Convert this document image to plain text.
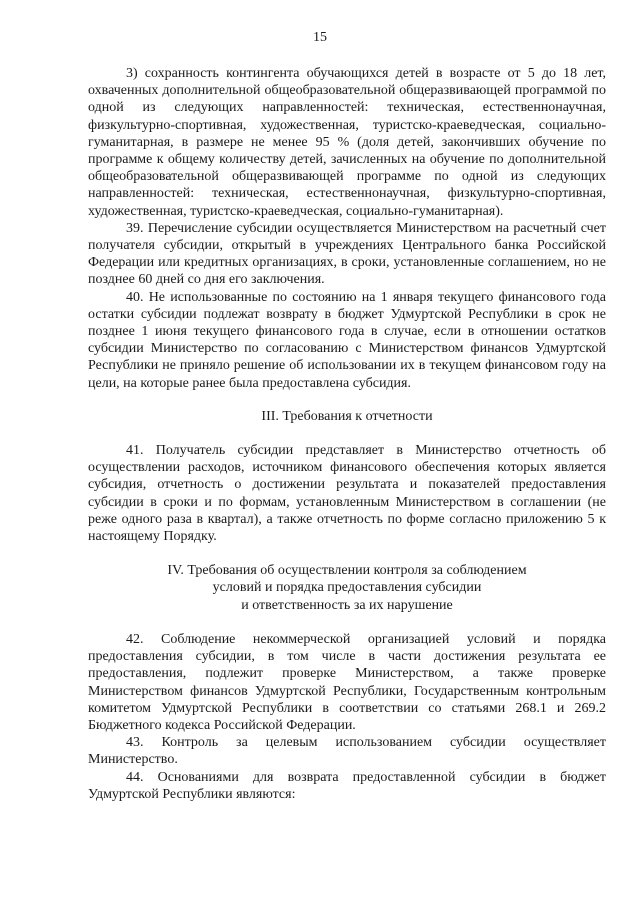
15

3) сохранность контингента обучающихся детей в возрасте от 5 до 18 лет, охваченных дополнительной общеобразовательной общеразвивающей программой по одной из следующих направленностей: техническая, естественнонаучная, физкультурно-спортивная, художественная, туристско-краеведческая, социально-гуманитарная, в размере не менее 95 % (доля детей, закончивших обучение по программе к общему количеству детей, зачисленных на обучение по дополнительной общеобразовательной общеразвивающей программе по одной из следующих направленностей: техническая, естественнонаучная, физкультурно-спортивная, художественная, туристско-краеведческая, социально-гуманитарная).

39. Перечисление субсидии осуществляется Министерством на расчетный счет получателя субсидии, открытый в учреждениях Центрального банка Российской Федерации или кредитных организациях, в сроки, установленные соглашением, но не позднее 60 дней со дня его заключения.

40. Не использованные по состоянию на 1 января текущего финансового года остатки субсидии подлежат возврату в бюджет Удмуртской Республики в срок не позднее 1 июня текущего финансового года в случае, если в отношении остатков субсидии Министерство по согласованию с Министерством финансов Удмуртской Республики не приняло решение об использовании их в текущем финансовом году на цели, на которые ранее была предоставлена субсидия.

III. Требования к отчетности

41. Получатель субсидии представляет в Министерство отчетность об осуществлении расходов, источником финансового обеспечения которых является субсидия, отчетность о достижении результата и показателей предоставления субсидии в сроки и по формам, установленным Министерством в соглашении (не реже одного раза в квартал), а также отчетность по форме согласно приложению 5 к настоящему Порядку.

IV. Требования об осуществлении контроля за соблюдением
условий и порядка предоставления субсидии
и ответственность за их нарушение

42. Соблюдение некоммерческой организацией условий и порядка предоставления субсидии, в том числе в части достижения результата ее предоставления, подлежит проверке Министерством, а также проверке Министерством финансов Удмуртской Республики, Государственным контрольным комитетом Удмуртской Республики в соответствии со статьями 268.1 и 269.2 Бюджетного кодекса Российской Федерации.

43. Контроль за целевым использованием субсидии осуществляет Министерство.

44. Основаниями для возврата предоставленной субсидии в бюджет Удмуртской Республики являются:
